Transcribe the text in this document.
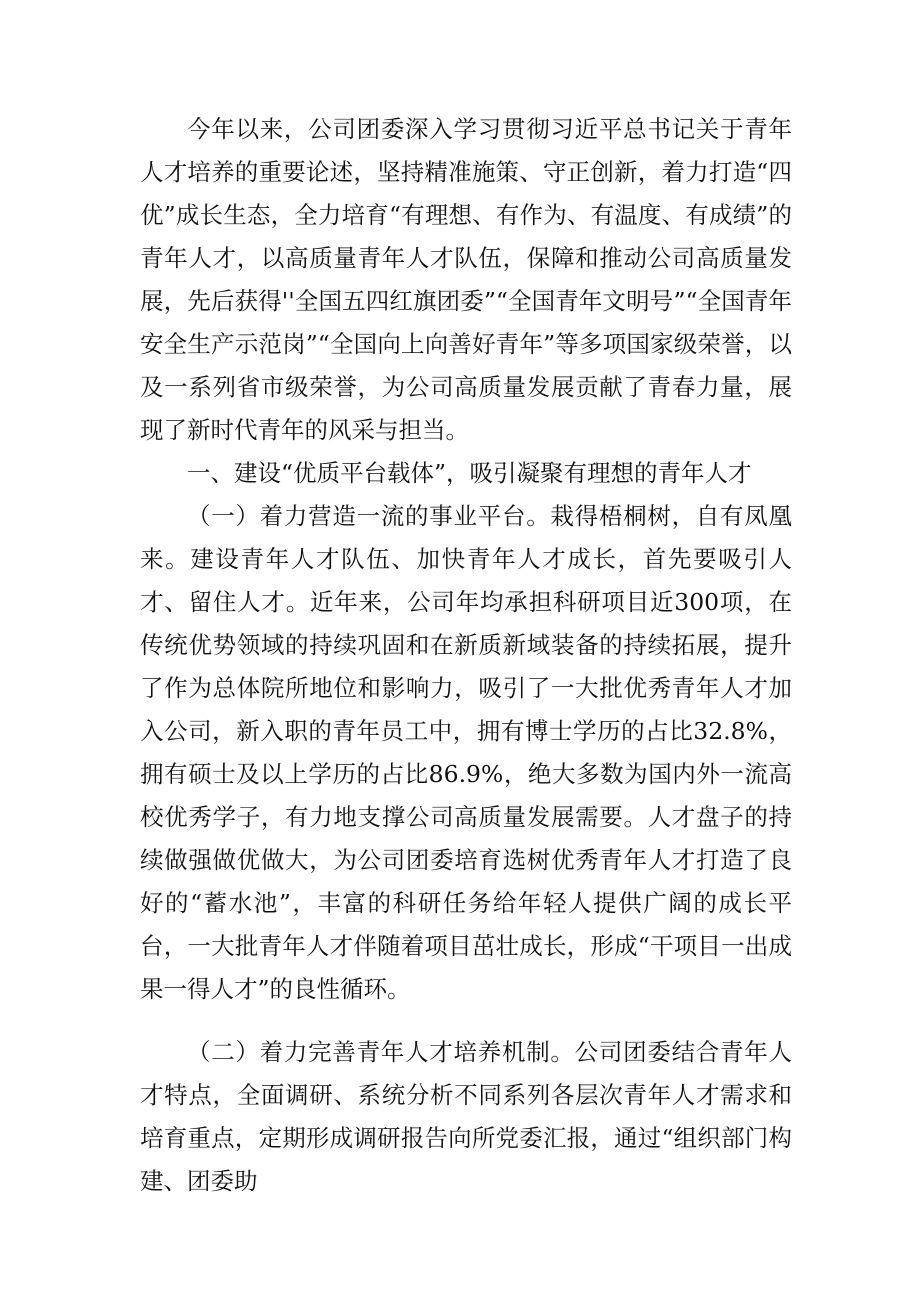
今年以来，公司团委深入学习贯彻习近平总书记关于青年人才培养的重要论述，坚持精准施策、守正创新，着力打造“四优”成长生态，全力培育“有理想、有作为、有温度、有成绩”的青年人才，以高质量青年人才队伍，保障和推动公司高质量发展，先后获得''全国五四红旗团委”“全国青年文明号”“全国青年安全生产示范岗”“全国向上向善好青年”等多项国家级荣誉，以及一系列省市级荣誉，为公司高质量发展贡献了青春力量，展现了新时代青年的风采与担当。

一、建设“优质平台载体”，吸引凝聚有理想的青年人才

（一）着力营造一流的事业平台。栽得梧桐树，自有凤凰来。建设青年人才队伍、加快青年人才成长，首先要吸引人才、留住人才。近年来，公司年均承担科研项目近300项，在传统优势领域的持续巩固和在新质新域装备的持续拓展，提升了作为总体院所地位和影响力，吸引了一大批优秀青年人才加入公司，新入职的青年员工中，拥有博士学历的占比32.8%，拥有硕士及以上学历的占比86.9%，绝大多数为国内外一流高校优秀学子，有力地支撑公司高质量发展需要。人才盘子的持续做强做优做大，为公司团委培育选树优秀青年人才打造了良好的“蓄水池”，丰富的科研任务给年轻人提供广阔的成长平台，一大批青年人才伴随着项目茁壮成长，形成“干项目一出成果一得人才”的良性循环。

（二）着力完善青年人才培养机制。公司团委结合青年人才特点，全面调研、系统分析不同系列各层次青年人才需求和培育重点，定期形成调研报告向所党委汇报，通过“组织部门构建、团委助
